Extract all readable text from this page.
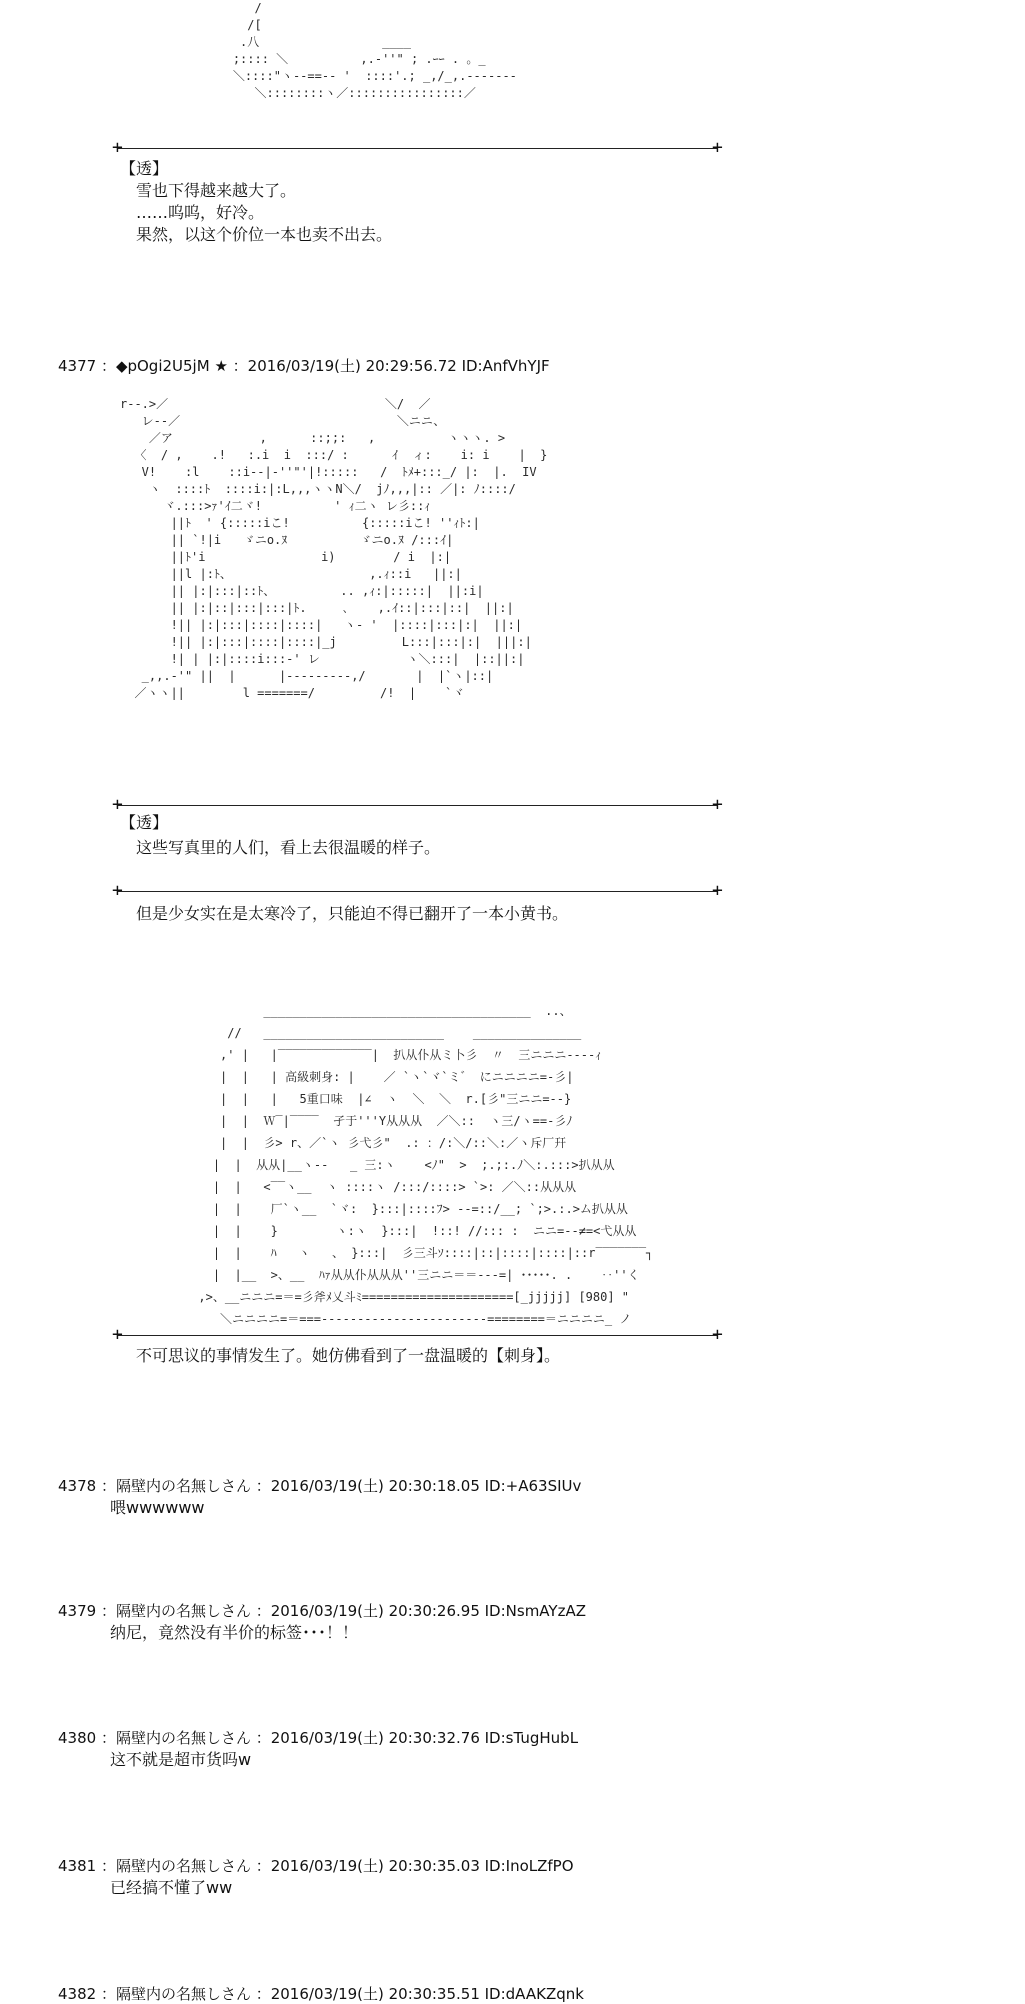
/
/[
.八                 ____
;:::: ＼          ,.-''" ; .ｰｰ . 。_
＼::::"ヽ--==-- '  ::::'.; _,/_,.-------
＼::::::::ヽ／::::::::::::::::／
+	+
【透】
雪也下得越来越大了。
……呜呜，好冷。
果然，以这个价位一本也卖不出去。
4377 ：◆pOgi2U5jM ★ ：2016/03/19(土) 20:29:56.72 ID:AnfVhYJF
r--.>／                              ＼/  ／
レ--／                              ＼ニニ、
／ア            ,      ::;;:   ,          ヽヽヽ. >
〈  / ,    .!   :.i  i  :::/ :      ｲ  ィ:    i: i    |  }
V!    :l    ::i--|-''"'|!:::::   /  ﾄﾒ+:::_/ |:  |.  IV
ヽ  ::::ﾄ  ::::i:|:L,,,ヽヽN＼/  jﾉ,,,|:: ／|: ﾉ::::/
ヾ.:::>ｧ'ｲ二ヾ!          ' ｨ二ヽ レ彡::ｨ
||ﾄ  ' {:::::iこ!          {:::::iこ! ''ｨﾄ:|
|| `!|i   ゞニo.ﾇ          ゞニo.ﾇ /:::ｲ|
||ﾄ'i                i)        / i  |:|
||l |:ﾄ、                   ,.ｨ::i   ||:|
|| |:|:::|::ﾄ、         .. ,ｨ:|:::::|  ||:i|
|| |:|::|:::|:::|ﾄ.     ､    ,.ｲ::|:::|::|  ||:|
!|| |:|:::|::::|::::|   ヽ- '  |::::|:::|:|  ||:|
!|| |:|:::|::::|::::|_j         L:::|:::|:|  |||:|
!| | |:|::::i:::-' レ            ヽ＼:::|  |::||:|
_,,.-'" ||  |      |---------,/       |  |`ヽ|::|
／ヽヽ||        l =======/         /!  |    `ヾ
+	+
【透】
这些写真里的人们，看上去很温暖的样子。
+	+
但是少女实在是太寒冷了，只能迫不得已翻开了一本小黄书。
_____________________________________  ..、
//   _________________________    _______________
,' |   |‾‾‾‾‾‾‾‾‾‾‾‾‾|  扒从仆从ミ卜彡  〃  三ニニニ----ｨ
|  |   | 高級刺身: |    ／ `ヽ`ヾ`ミ゛ にニニニニ=-彡|
|  |   |   5重口味  |∠  ヽ  ＼  ＼  r.[彡"三ニニ=--}
|  |  Ｗ‾|‾‾‾‾  孑于'''Y从从从  ／＼::  ヽ三/ヽ==-彡ﾉ
|  |  彡> r、／`ヽ 彡弋彡"  .: ：/:＼/::＼:／ヽ斥厂幵
|  |  从从|__ヽ--   _ 三:ヽ    <ﾉ"  >  ;.;:.ﾉ＼:.:::>扒从从
|  |   <‾‾ヽ__  ヽ ::::ヽ /:::/::::> `>: ／＼::从从从
|  |    厂`ヽ__  `ヾ:  }:::|::::ﾌ> --=::/__; `;>.:.>ム扒从从
|  |    }        ヽ:ヽ  }:::|  !::! //::: :  ニニ=--≠=<弋从从
|  |    ﾊ   ヽ   、 }:::|  彡三斗ｿ::::|::|::::|::::|::r‾‾‾‾‾‾‾┐
|  |__  >、__  ﾊｧ从从仆从从从''三ニニ＝＝---=| ･････. .    ‥''く
,>、__ニニニ=＝=彡斧ﾒ乂斗ﾐ=====================[_jjjjj] [980] "
＼ニニニニ=＝===-----------------------========＝ニニニニ_ ノ
+	+
不可思议的事情发生了。她仿佛看到了一盘温暖的【刺身】。
4378 ：隔壁内の名無しさん ：2016/03/19(土) 20:30:18.05 ID:+A63SIUv
喂wwwwww
4379 ：隔壁内の名無しさん ：2016/03/19(土) 20:30:26.95 ID:NsmAYzAZ
纳尼，竟然没有半价的标签･･･！！
4380 ：隔壁内の名無しさん ：2016/03/19(土) 20:30:32.76 ID:sTugHubL
这不就是超市货吗w
4381 ：隔壁内の名無しさん ：2016/03/19(土) 20:30:35.03 ID:InoLZfPO
已经搞不懂了ww
4382 ：隔壁内の名無しさん ：2016/03/19(土) 20:30:35.51 ID:dAAKZqnk
